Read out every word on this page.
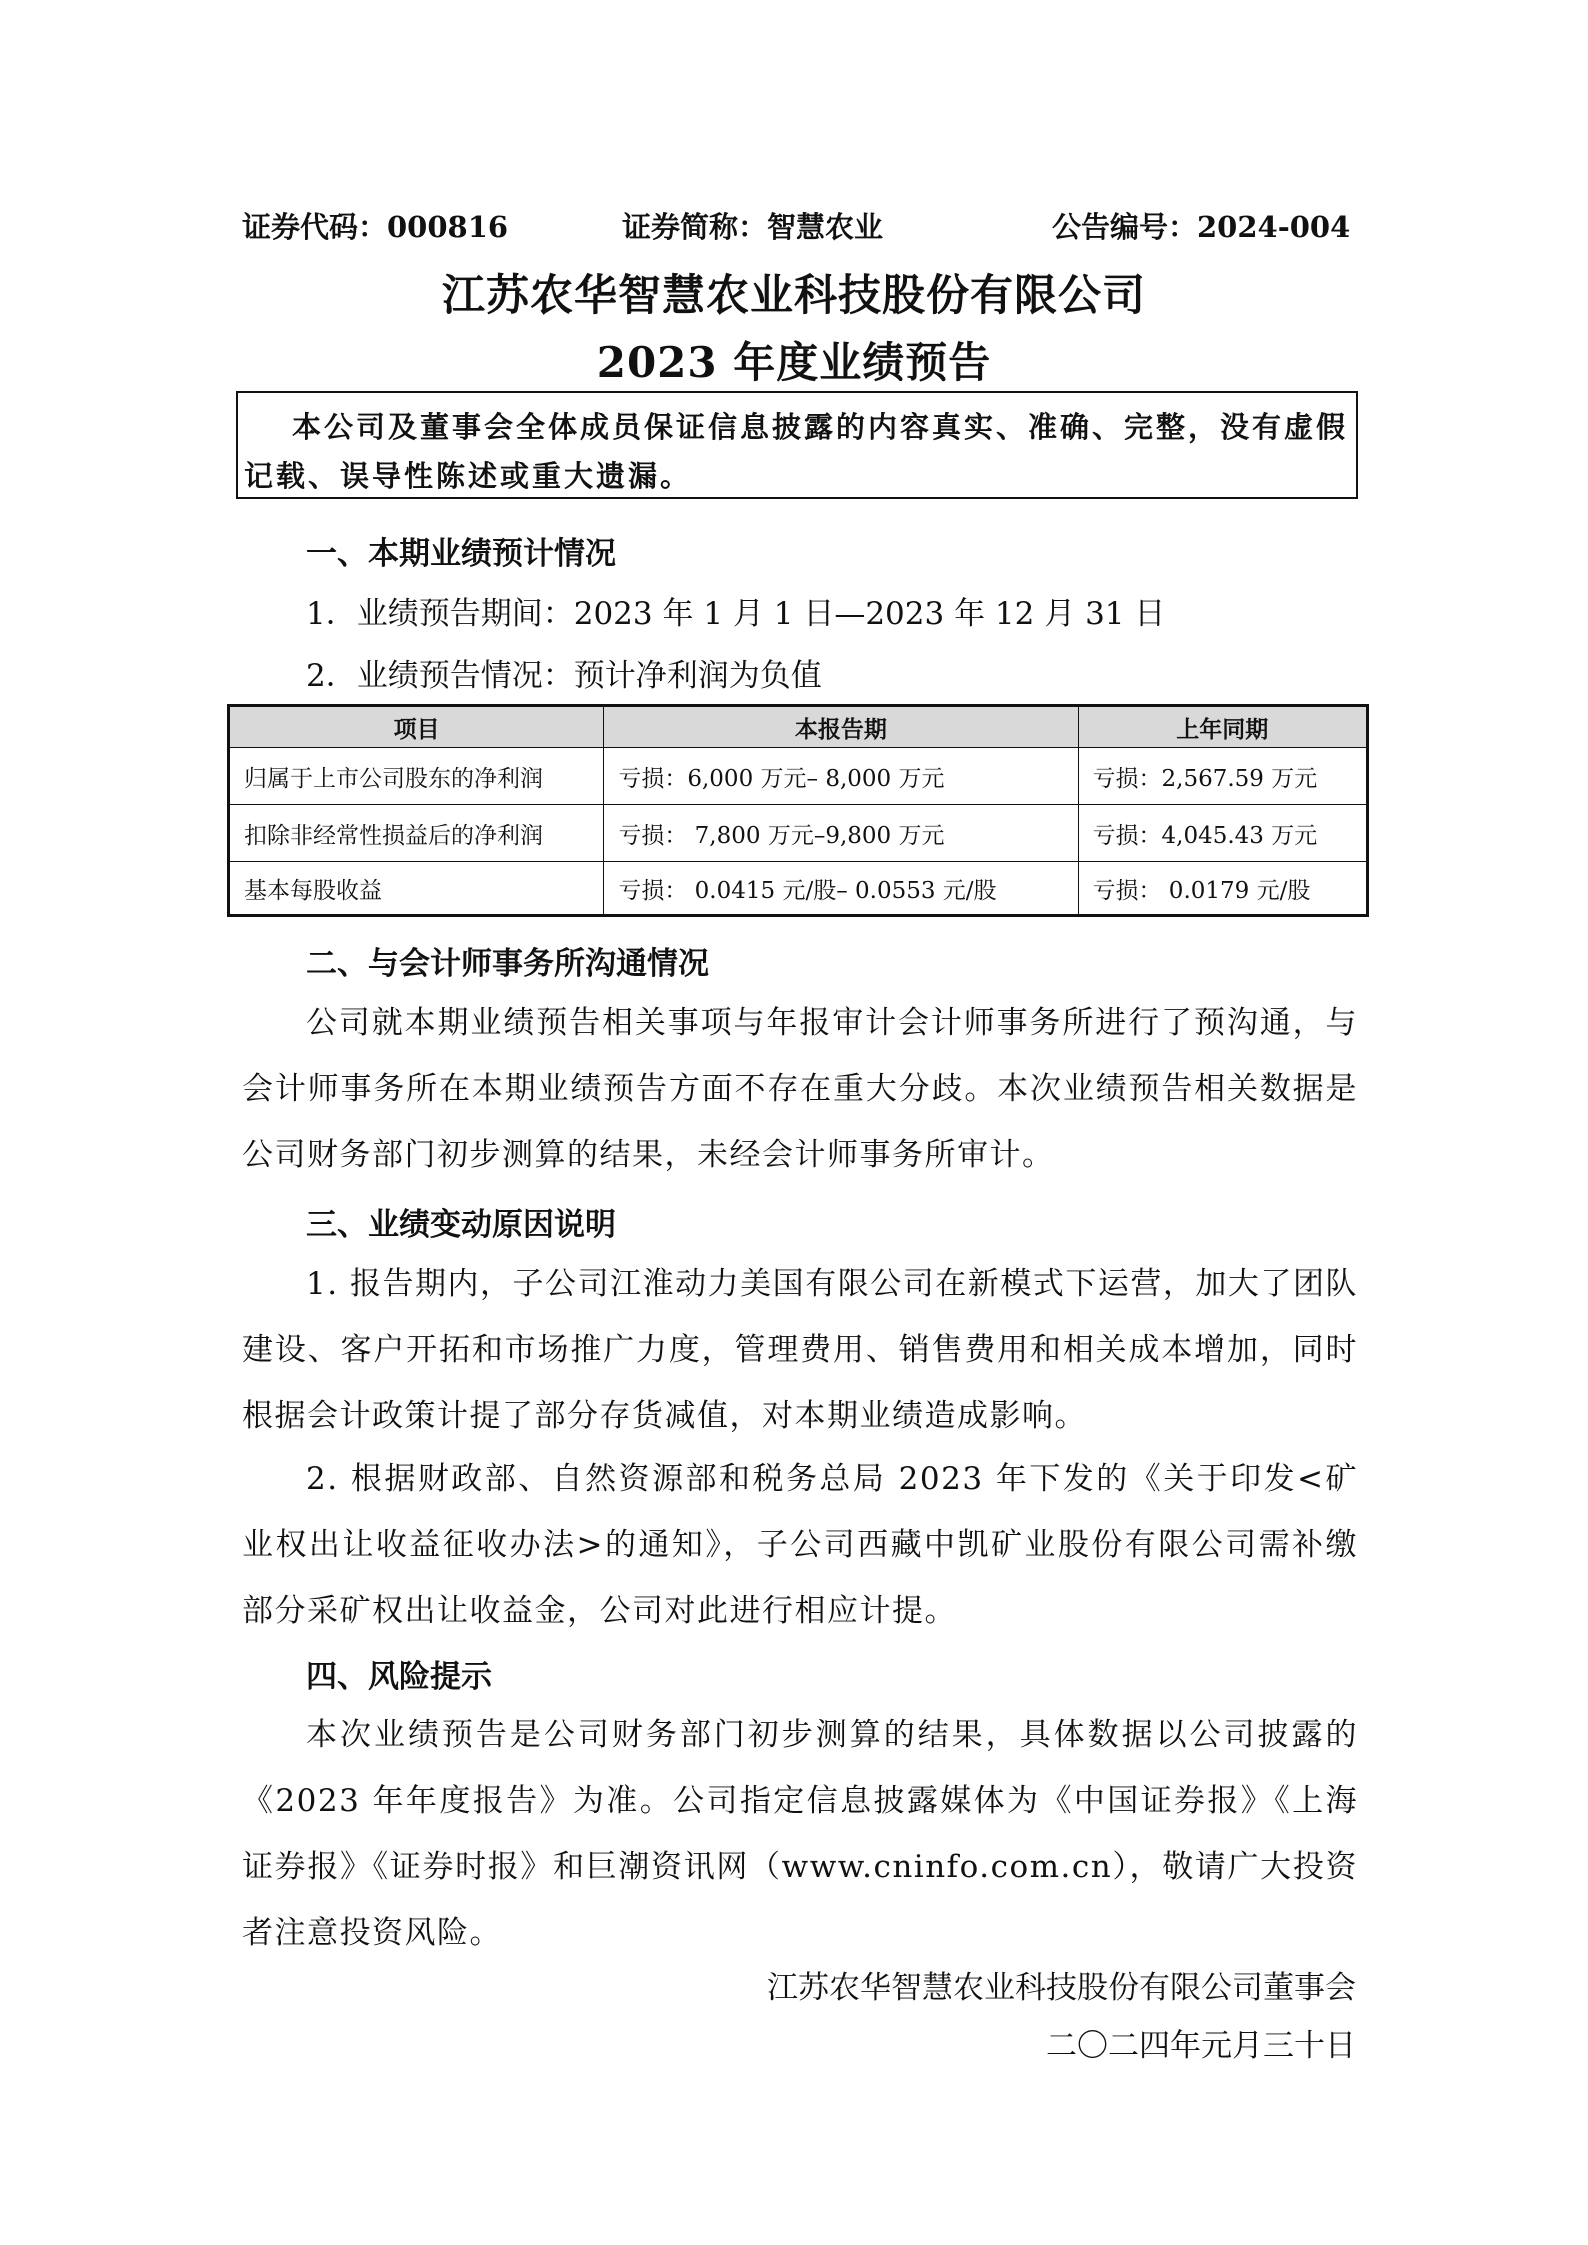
证券代码：000816	证券简称：智慧农业	公告编号：2024-004
江苏农华智慧农业科技股份有限公司
2023 年度业绩预告
本公司及董事会全体成员保证信息披露的内容真实、准确、完整，没有虚假记载、误导性陈述或重大遗漏。
一、本期业绩预计情况
1．业绩预告期间：2023 年 1 月 1 日—2023 年 12 月 31 日
2．业绩预告情况：预计净利润为负值
项目	本报告期	上年同期
归属于上市公司股东的净利润	亏损：6,000 万元– 8,000 万元	亏损：2,567.59 万元
扣除非经常性损益后的净利润	亏损： 7,800 万元–9,800 万元	亏损：4,045.43 万元
基本每股收益	亏损： 0.0415 元/股– 0.0553 元/股	亏损： 0.0179 元/股
二、与会计师事务所沟通情况
公司就本期业绩预告相关事项与年报审计会计师事务所进行了预沟通，与会计师事务所在本期业绩预告方面不存在重大分歧。本次业绩预告相关数据是公司财务部门初步测算的结果，未经会计师事务所审计。
三、业绩变动原因说明
1. 报告期内，子公司江淮动力美国有限公司在新模式下运营，加大了团队建设、客户开拓和市场推广力度，管理费用、销售费用和相关成本增加，同时根据会计政策计提了部分存货减值，对本期业绩造成影响。
2. 根据财政部、自然资源部和税务总局 2023 年下发的《关于印发<矿业权出让收益征收办法>的通知》，子公司西藏中凯矿业股份有限公司需补缴部分采矿权出让收益金，公司对此进行相应计提。
四、风险提示
本次业绩预告是公司财务部门初步测算的结果，具体数据以公司披露的《2023 年年度报告》为准。公司指定信息披露媒体为《中国证券报》《上海证券报》《证券时报》和巨潮资讯网（www.cninfo.com.cn），敬请广大投资者注意投资风险。
江苏农华智慧农业科技股份有限公司董事会
二〇二四年元月三十日
